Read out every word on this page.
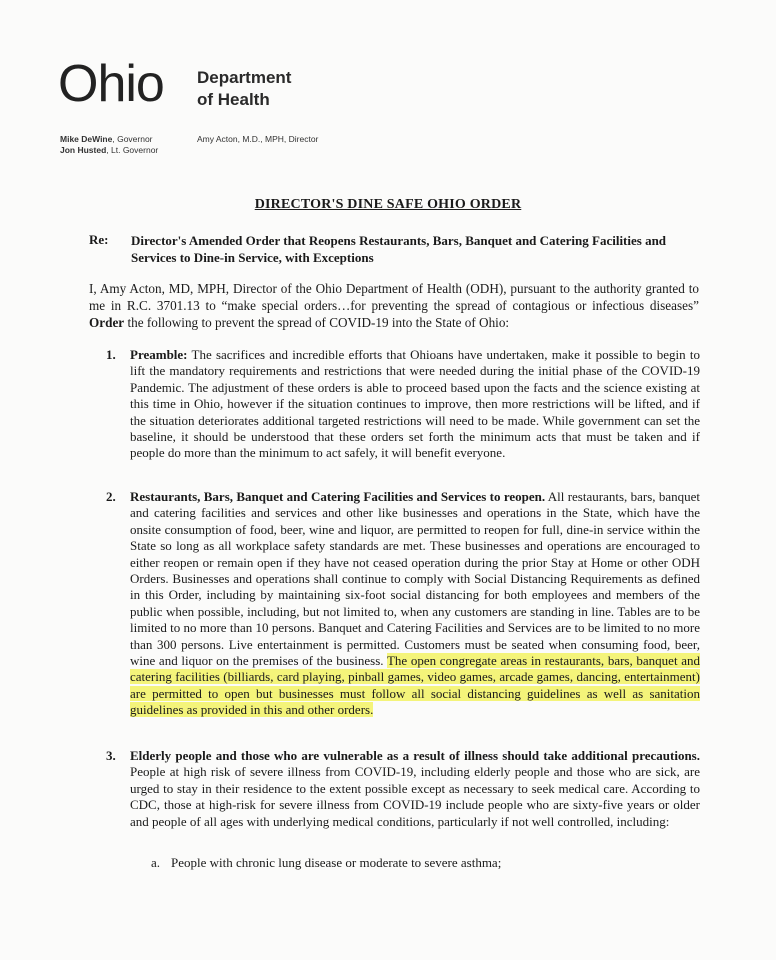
Ohio Department
of Health
Mike DeWine, Governor
Jon Husted, Lt. Governor
Amy Acton, M.D., MPH, Director
DIRECTOR'S DINE SAFE OHIO ORDER
Re: Director's Amended Order that Reopens Restaurants, Bars, Banquet and Catering Facilities and Services to Dine-in Service, with Exceptions
I, Amy Acton, MD, MPH, Director of the Ohio Department of Health (ODH), pursuant to the authority granted to me in R.C. 3701.13 to “make special orders…for preventing the spread of contagious or infectious diseases” Order the following to prevent the spread of COVID-19 into the State of Ohio:
1. Preamble: The sacrifices and incredible efforts that Ohioans have undertaken, make it possible to begin to lift the mandatory requirements and restrictions that were needed during the initial phase of the COVID-19 Pandemic. The adjustment of these orders is able to proceed based upon the facts and the science existing at this time in Ohio, however if the situation continues to improve, then more restrictions will be lifted, and if the situation deteriorates additional targeted restrictions will need to be made. While government can set the baseline, it should be understood that these orders set forth the minimum acts that must be taken and if people do more than the minimum to act safely, it will benefit everyone.
2. Restaurants, Bars, Banquet and Catering Facilities and Services to reopen. All restaurants, bars, banquet and catering facilities and services and other like businesses and operations in the State, which have the onsite consumption of food, beer, wine and liquor, are permitted to reopen for full, dine-in service within the State so long as all workplace safety standards are met. These businesses and operations are encouraged to either reopen or remain open if they have not ceased operation during the prior Stay at Home or other ODH Orders. Businesses and operations shall continue to comply with Social Distancing Requirements as defined in this Order, including by maintaining six-foot social distancing for both employees and members of the public when possible, including, but not limited to, when any customers are standing in line. Tables are to be limited to no more than 10 persons. Banquet and Catering Facilities and Services are to be limited to no more than 300 persons. Live entertainment is permitted. Customers must be seated when consuming food, beer, wine and liquor on the premises of the business. The open congregate areas in restaurants, bars, banquet and catering facilities (billiards, card playing, pinball games, video games, arcade games, dancing, entertainment) are permitted to open but businesses must follow all social distancing guidelines as well as sanitation guidelines as provided in this and other orders.
3. Elderly people and those who are vulnerable as a result of illness should take additional precautions. People at high risk of severe illness from COVID-19, including elderly people and those who are sick, are urged to stay in their residence to the extent possible except as necessary to seek medical care. According to CDC, those at high-risk for severe illness from COVID-19 include people who are sixty-five years or older and people of all ages with underlying medical conditions, particularly if not well controlled, including:
a. People with chronic lung disease or moderate to severe asthma;
